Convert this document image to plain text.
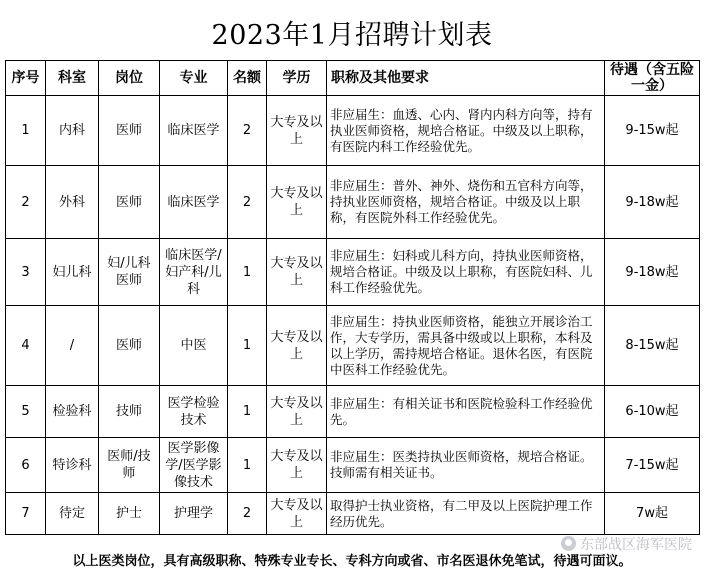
2023年1月招聘计划表
序号	科室	岗位	专业	名额	学历	职称及其他要求	待遇（含五险一金）
1	内科	医师	临床医学	2	大专及以上	非应届生：血透、心内、肾内内科方向等，持有执业医师资格，规培合格证。中级及以上职称，有医院内科工作经验优先。	9-15w起
2	外科	医师	临床医学	2	大专及以上	非应届生：普外、神外、烧伤和五官科方向等，持执业医师资格，规培合格证。中级及以上职称，有医院外科工作经验优先。	9-18w起
3	妇儿科	妇/儿科医师	临床医学/妇产科/儿科	1	大专及以上	非应届生：妇科或儿科方向，持执业医师资格，规培合格证。中级及以上职称，有医院妇科、儿科工作经验优先。	9-18w起
4	/	医师	中医	1	大专及以上	非应届生：持执业医师资格，能独立开展诊治工作，大专学历，需具备中级或以上职称，本科及以上学历，需持规培合格证。退休名医，有医院中医科工作经验优先。	8-15w起
5	检验科	技师	医学检验技术	1	大专及以上	非应届生：有相关证书和医院检验科工作经验优先。	6-10w起
6	特诊科	医师/技师	医学影像学/医学影像技术	1	大专及以上	非应届生：医类持执业医师资格，规培合格证。技师需有相关证书。	7-15w起
7	待定	护士	护理学	2	大专及以上	取得护士执业资格，有二甲及以上医院护理工作经历优先。	7w起
东部战区海军医院
以上医类岗位，具有高级职称、特殊专业专长、专科方向或省、市名医退休免笔试，待遇可面议。
